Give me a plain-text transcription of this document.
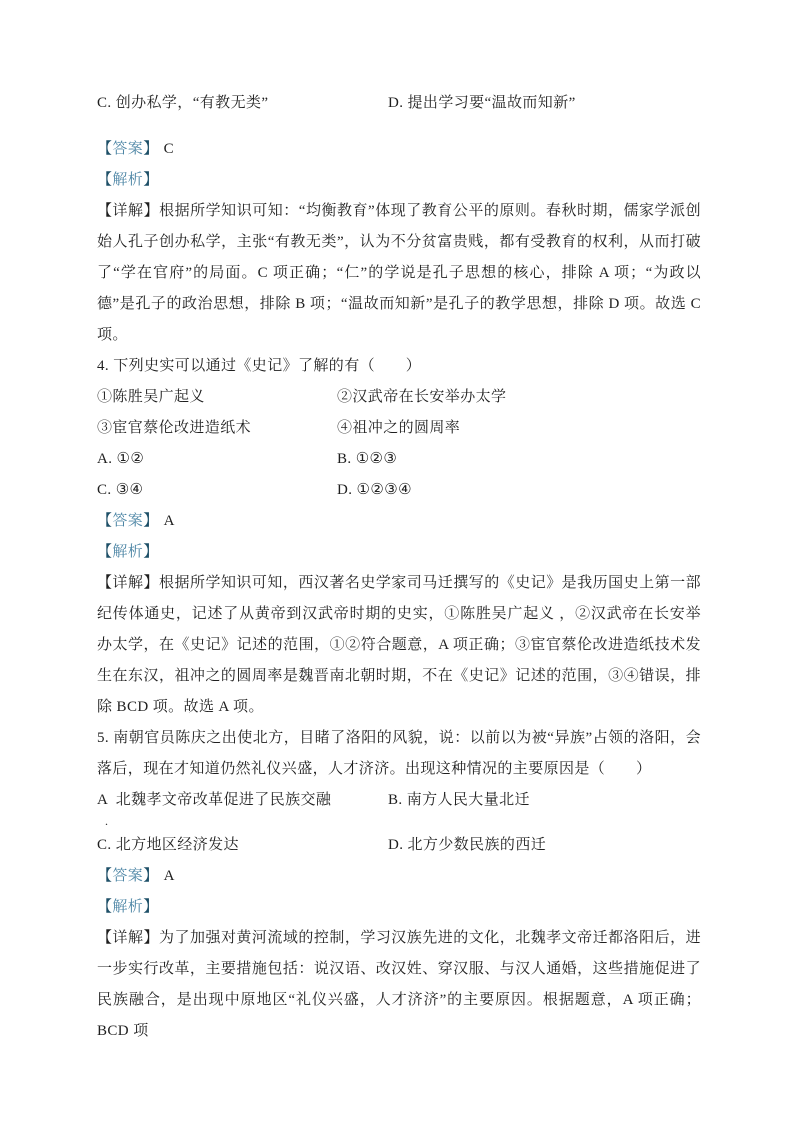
C. 创办私学，“有教无类”	D. 提出学习要“温故而知新”
【答案】 C
【解析】

【详解】根据所学知识可知：“均衡教育”体现了教育公平的原则。春秋时期，儒家学派创始人孔子创办私学，主张“有教无类”，认为不分贫富贵贱，都有受教育的权利，从而打破了“学在官府”的局面。C 项正确；“仁”的学说是孔子思想的核心，排除 A 项；“为政以德”是孔子的政治思想，排除 B 项；“温故而知新”是孔子的教学思想，排除 D 项。故选 C 项。

4. 下列史实可以通过《史记》了解的有（　　）

①陈胜吴广起义	②汉武帝在长安举办太学
③宦官蔡伦改进造纸术	④祖冲之的圆周率
A. ①②	B. ①②③
C. ③④	D. ①②③④
【答案】 A
【解析】

【详解】根据所学知识可知，西汉著名史学家司马迁撰写的《史记》是我历国史上第一部纪传体通史，记述了从黄帝到汉武帝时期的史实，①陈胜吴广起义 ，②汉武帝在长安举办太学，在《史记》记述的范围，①②符合题意，A 项正确；③宦官蔡伦改进造纸技术发生在东汉，祖冲之的圆周率是魏晋南北朝时期，不在《史记》记述的范围，③④错误，排除 BCD 项。故选 A 项。

5. 南朝官员陈庆之出使北方，目睹了洛阳的风貌，说：以前以为被“异族”占领的洛阳，会落后，现在才知道仍然礼仪兴盛，人才济济。出现这种情况的主要原因是（　　）

A  北魏孝文帝改革促进了民族交融	B. 南方人民大量北迁
.
C. 北方地区经济发达	D. 北方少数民族的西迁
【答案】 A
【解析】

【详解】为了加强对黄河流域的控制，学习汉族先进的文化，北魏孝文帝迁都洛阳后，进一步实行改革，主要措施包括：说汉语、改汉姓、穿汉服、与汉人通婚，这些措施促进了民族融合，是出现中原地区“礼仪兴盛，人才济济”的主要原因。根据题意，A 项正确；BCD 项
